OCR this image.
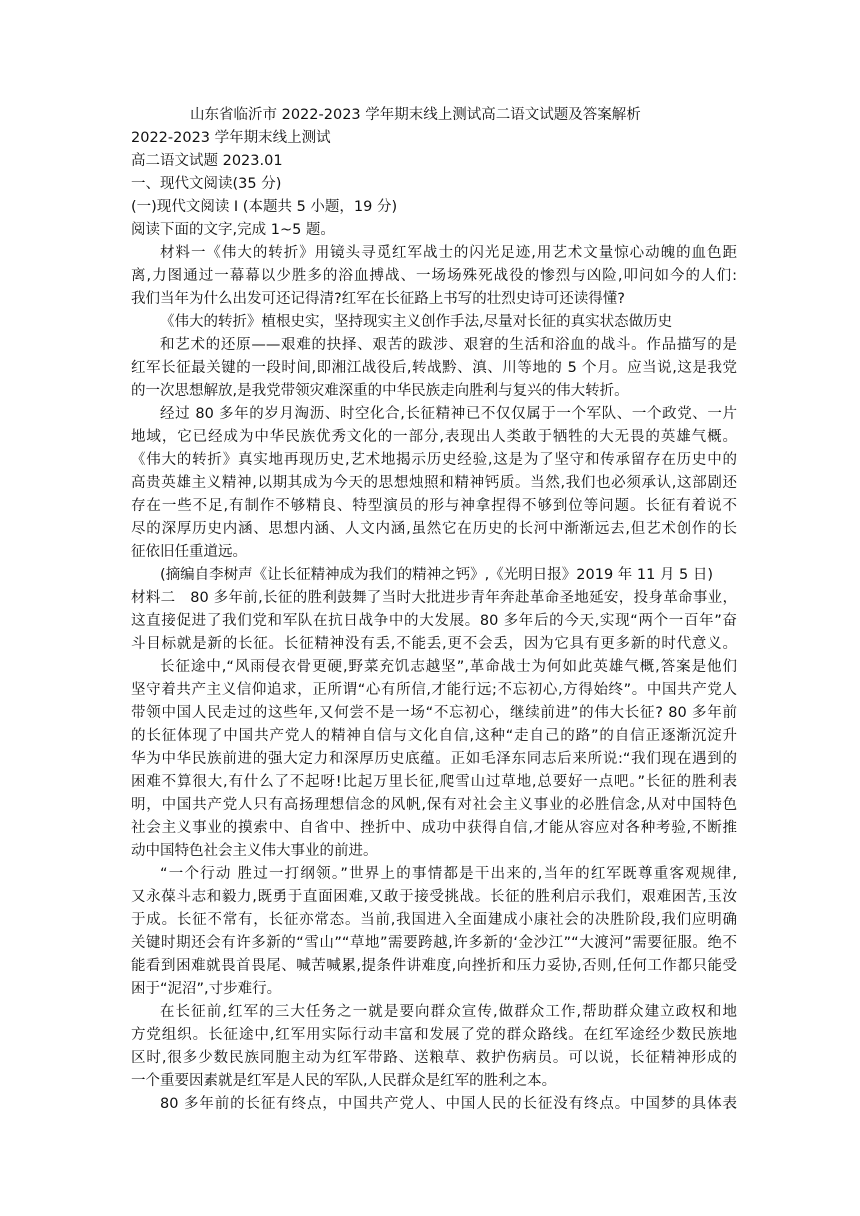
山东省临沂市 2022-2023 学年期末线上测试高二语文试题及答案解析
2022-2023 学年期末线上测试
高二语文试题 2023.01
一、现代文阅读(35 分)
(一)现代文阅读 I (本题共 5 小题，19 分)
阅读下面的文字,完成 1~5 题。
材料一《伟大的转折》用镜头寻觅红军战士的闪光足迹,用艺术文量惊心动魄的血色距
离,力图通过一幕幕以少胜多的浴血搏战、一场场殊死战役的惨烈与凶险,叩问如今的人们:
我们当年为什么出发可还记得清?红军在长征路上书写的壮烈史诗可还读得懂?
《伟大的转折》植根史实，坚持现实主义创作手法,尽量对长征的真实状态做历史
和艺术的还原——艰难的抉择、艰苦的跋涉、艰窘的生活和浴血的战斗。作品描写的是
红军长征最关键的一段时间,即湘江战役后,转战黔、滇、川等地的 5 个月。应当说,这是我党
的一次思想解放,是我党带领灾难深重的中华民族走向胜利与复兴的伟大转折。
经过 80 多年的岁月淘沥、时空化合,长征精神已不仅仅属于一个军队、一个政党、一片
地域，它已经成为中华民族优秀文化的一部分,表现出人类敢于牺牲的大无畏的英雄气概。
《伟大的转折》真实地再现历史,艺术地揭示历史经验,这是为了坚守和传承留存在历史中的
高贵英雄主义精神,以期其成为今天的思想烛照和精神钙质。当然,我们也必须承认,这部剧还
存在一些不足,有制作不够精良、特型演员的形与神拿捏得不够到位等问题。长征有着说不
尽的深厚历史内涵、思想内涵、人文内涵,虽然它在历史的长河中渐渐远去,但艺术创作的长
征依旧任重道远。
(摘编自李树声《让长征精神成为我们的精神之钙》,《光明日报》2019 年 11 月 5 日)
材料二　80 多年前,长征的胜利鼓舞了当时大批进步青年奔赴革命圣地延安，投身革命事业，
这直接促进了我们党和军队在抗日战争中的大发展。80 多年后的今天,实现“两个一百年”奋
斗目标就是新的长征。长征精神没有丢,不能丢,更不会丢，因为它具有更多新的时代意义。
长征途中,“风雨侵衣骨更硬,野菜充饥志越坚”,革命战士为何如此英雄气概,答案是他们
坚守着共产主义信仰追求，正所谓“心有所信,才能行远;不忘初心,方得始终”。中国共产党人
带领中国人民走过的这些年,又何尝不是一场“不忘初心，继续前进”的伟大长征? 80 多年前
的长征体现了中国共产党人的精神自信与文化自信,这种“走自己的路”的自信正逐渐沉淀升
华为中华民族前进的强大定力和深厚历史底蕴。正如毛泽东同志后来所说:“我们现在遇到的
困难不算很大,有什么了不起呀!比起万里长征,爬雪山过草地,总要好一点吧。”长征的胜利表
明，中国共产党人只有高扬理想信念的风帆,保有对社会主义事业的必胜信念,从对中国特色
社会主义事业的摸索中、自省中、挫折中、成功中获得自信,才能从容应对各种考验,不断推
动中国特色社会主义伟大事业的前进。
“一个行动 胜过一打纲领。”世界上的事情都是干出来的,当年的红军既尊重客观规律,
又永葆斗志和毅力,既勇于直面困难,又敢于接受挑战。长征的胜利启示我们，艰难困苦,玉汝
于成。长征不常有，长征亦常态。当前,我国进入全面建成小康社会的决胜阶段,我们应明确
关键时期还会有许多新的“雪山”“草地”需要跨越,许多新的‘金沙江”“大渡河”需要征服。绝不
能看到困难就畏首畏尾、喊苦喊累,提条件讲难度,向挫折和压力妥协,否则,任何工作都只能受
困于“泥沼”,寸步难行。
在长征前,红军的三大任务之一就是要向群众宣传,做群众工作,帮助群众建立政权和地
方党组织。长征途中,红军用实际行动丰富和发展了党的群众路线。在红军途经少数民族地
区时,很多少数民族同胞主动为红军带路、送粮草、救护伤病员。可以说，长征精神形成的
一个重要因素就是红军是人民的军队,人民群众是红军的胜利之本。
80 多年前的长征有终点，中国共产党人、中国人民的长征没有终点。中国梦的具体表
